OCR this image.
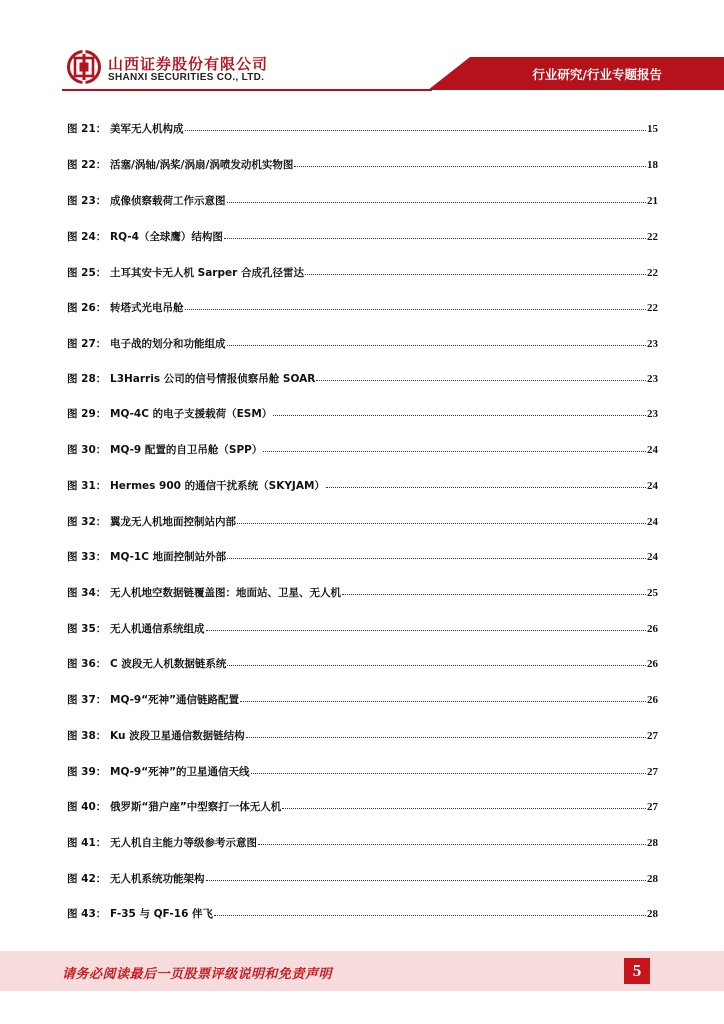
山西证券股份有限公司
SHANXI SECURITIES CO., LTD.	行业研究/行业专题报告
图 21： 美军无人机构成	15
图 22： 活塞/涡轴/涡桨/涡扇/涡喷发动机实物图	18
图 23： 成像侦察载荷工作示意图	21
图 24： RQ-4（全球鹰）结构图	22
图 25： 土耳其安卡无人机 Sarper 合成孔径雷达	22
图 26： 转塔式光电吊舱	22
图 27： 电子战的划分和功能组成	23
图 28： L3Harris 公司的信号情报侦察吊舱 SOAR	23
图 29： MQ-4C 的电子支援载荷（ESM）	23
图 30： MQ-9 配置的自卫吊舱（SPP）	24
图 31： Hermes 900 的通信干扰系统（SKYJAM）	24
图 32： 翼龙无人机地面控制站内部	24
图 33： MQ-1C 地面控制站外部	24
图 34： 无人机地空数据链覆盖图：地面站、卫星、无人机	25
图 35： 无人机通信系统组成	26
图 36： C 波段无人机数据链系统	26
图 37： MQ-9“死神”通信链路配置	26
图 38： Ku 波段卫星通信数据链结构	27
图 39： MQ-9“死神”的卫星通信天线	27
图 40： 俄罗斯“猎户座”中型察打一体无人机	27
图 41： 无人机自主能力等级参考示意图	28
图 42： 无人机系统功能架构	28
图 43： F-35 与 QF-16 伴飞	28
请务必阅读最后一页股票评级说明和免责声明	5
